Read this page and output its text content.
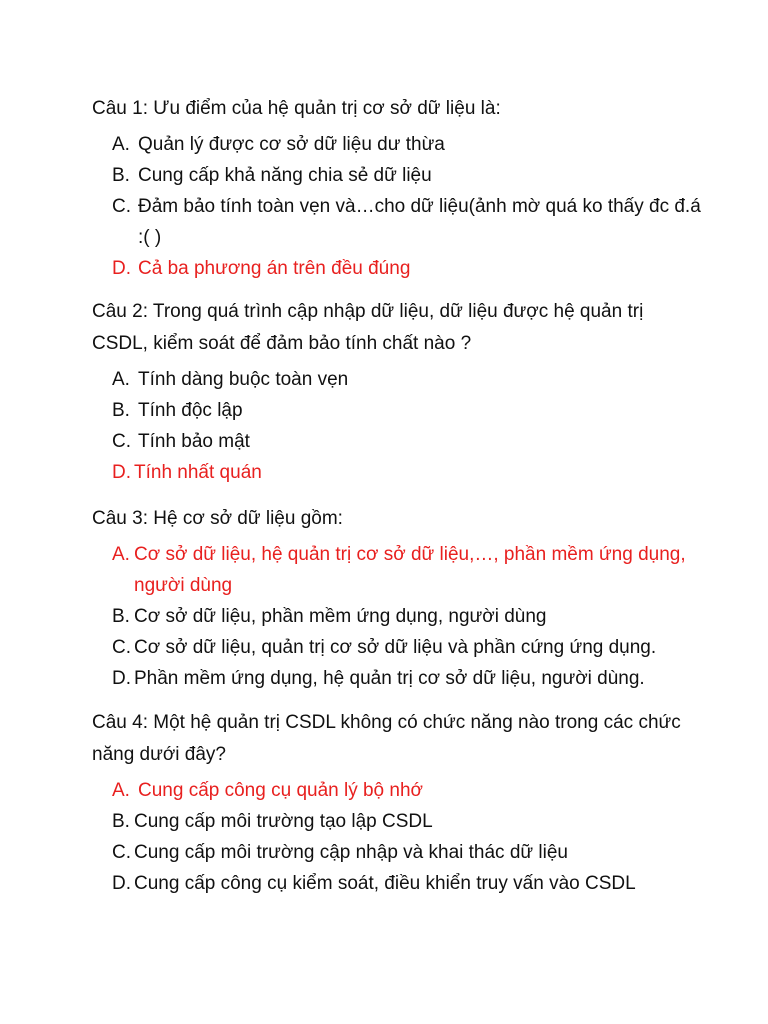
Câu 1: Ưu điểm của hệ quản trị cơ sở dữ liệu là:

A. Quản lý được cơ sở dữ liệu dư thừa
B. Cung cấp khả năng chia sẻ dữ liệu
C. Đảm bảo tính toàn vẹn và…cho dữ liệu(ảnh mờ quá ko thấy đc đ.á :( )
D. Cả ba phương án trên đều đúng

Câu 2: Trong quá trình cập nhập dữ liệu, dữ liệu được hệ quản trị CSDL, kiểm soát để đảm bảo tính chất nào ?

A. Tính dàng buộc toàn vẹn
B. Tính độc lập
C. Tính bảo mật
D. Tính nhất quán

Câu 3: Hệ cơ sở dữ liệu gồm:

A. Cơ sở dữ liệu, hệ quản trị cơ sở dữ liệu,…, phần mềm ứng dụng, người dùng
B. Cơ sở dữ liệu, phần mềm ứng dụng, người dùng
C. Cơ sở dữ liệu, quản trị cơ sở dữ liệu và phần cứng ứng dụng.
D. Phần mềm ứng dụng, hệ quản trị cơ sở dữ liệu, người dùng.

Câu 4: Một hệ quản trị CSDL không có chức năng nào trong các chức năng dưới đây?

A. Cung cấp công cụ quản lý bộ nhớ
B. Cung cấp môi trường tạo lập CSDL
C. Cung cấp môi trường cập nhập và khai thác dữ liệu
D. Cung cấp công cụ kiểm soát, điều khiển truy vấn vào CSDL
